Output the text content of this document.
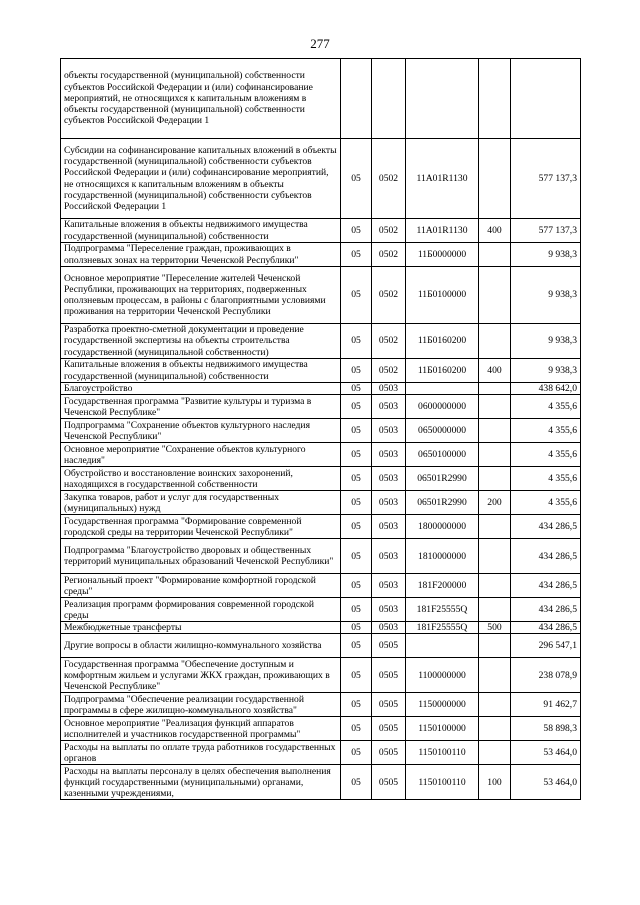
277
объекты государственной (муниципальной) собственности субъектов Российской Федерации и (или) софинансирование мероприятий, не относящихся к капитальным вложениям в объекты государственной (муниципальной) собственности субъектов Российской Федерации 1					
Субсидии на софинансирование капитальных вложений в объекты государственной (муниципальной) собственности субъектов Российской Федерации и (или) софинансирование мероприятий, не относящихся к капитальным вложениям в объекты государственной (муниципальной) собственности субъектов Российской Федерации 1	05	0502	11A01R1130		577 137,3
Капитальные вложения в объекты недвижимого имущества государственной (муниципальной) собственности	05	0502	11A01R1130	400	577 137,3
Подпрограмма "Переселение граждан, проживающих в оползневых зонах на территории Чеченской Республики"	05	0502	11Б0000000		9 938,3
Основное мероприятие "Переселение жителей Чеченской Республики, проживающих на территориях, подверженных оползневым процессам, в районы с благоприятными условиями проживания на территории Чеченской Республики	05	0502	11Б0100000		9 938,3
Разработка проектно-сметной документации и проведение государственной экспертизы на объекты строительства государственной (муниципальной собственности)	05	0502	11Б0160200		9 938,3
Капитальные вложения в объекты недвижимого имущества государственной (муниципальной) собственности	05	0502	11Б0160200	400	9 938,3
Благоустройство	05	0503			438 642,0
Государственная программа "Развитие культуры и туризма в Чеченской Республике"	05	0503	0600000000		4 355,6
Подпрограмма "Сохранение объектов культурного наследия Чеченской Республики"	05	0503	0650000000		4 355,6
Основное мероприятие "Сохранение объектов культурного наследия"	05	0503	0650100000		4 355,6
Обустройство и восстановление воинских захоронений, находящихся в государственной собственности	05	0503	06501R2990		4 355,6
Закупка товаров, работ и услуг для государственных (муниципальных) нужд	05	0503	06501R2990	200	4 355,6
Государственная программа "Формирование современной городской среды на территории Чеченской Республики"	05	0503	1800000000		434 286,5
Подпрограмма "Благоустройство дворовых и общественных территорий муниципальных образований Чеченской Республики"	05	0503	1810000000		434 286,5
Региональный проект "Формирование комфортной городской среды"	05	0503	181F200000		434 286,5
Реализация программ формирования современной городской среды	05	0503	181F25555Q		434 286,5
Межбюджетные трансферты	05	0503	181F25555Q	500	434 286,5
Другие вопросы в области жилищно-коммунального хозяйства	05	0505			296 547,1
Государственная программа "Обеспечение доступным и комфортным жильем и услугами ЖКХ граждан, проживающих в Чеченской Республике"	05	0505	1100000000		238 078,9
Подпрограмма "Обеспечение реализации государственной программы в сфере жилищно-коммунального хозяйства"	05	0505	1150000000		91 462,7
Основное мероприятие "Реализация функций аппаратов исполнителей и участников государственной программы"	05	0505	1150100000		58 898,3
Расходы на выплаты по оплате труда работников государственных органов	05	0505	1150100110		53 464,0
Расходы на выплаты персоналу в целях обеспечения выполнения функций государственными (муниципальными) органами, казенными учреждениями,	05	0505	1150100110	100	53 464,0
